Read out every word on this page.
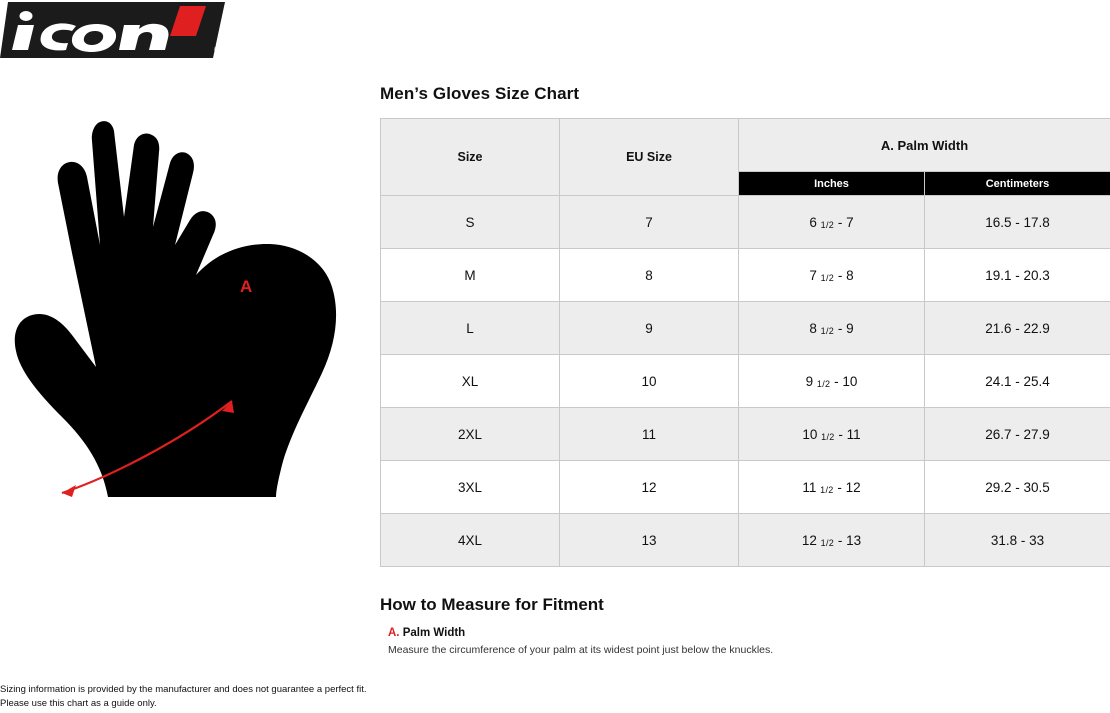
®
A
Men’s Gloves Size Chart
Size	EU Size	A. Palm Width	
		Inches	Centimeters
S	7	6 1/2 - 7	16.5 - 17.8
M	8	7 1/2 - 8	19.1 - 20.3
L	9	8 1/2 - 9	21.6 - 22.9
XL	10	9 1/2 - 10	24.1 - 25.4
2XL	11	10 1/2 - 11	26.7 - 27.9
3XL	12	11 1/2 - 12	29.2 - 30.5
4XL	13	12 1/2 - 13	31.8 - 33
How to Measure for Fitment
A. Palm Width
Measure the circumference of your palm at its widest point just below the knuckles.
Sizing information is provided by the manufacturer and does not guarantee a perfect fit.
Please use this chart as a guide only.
